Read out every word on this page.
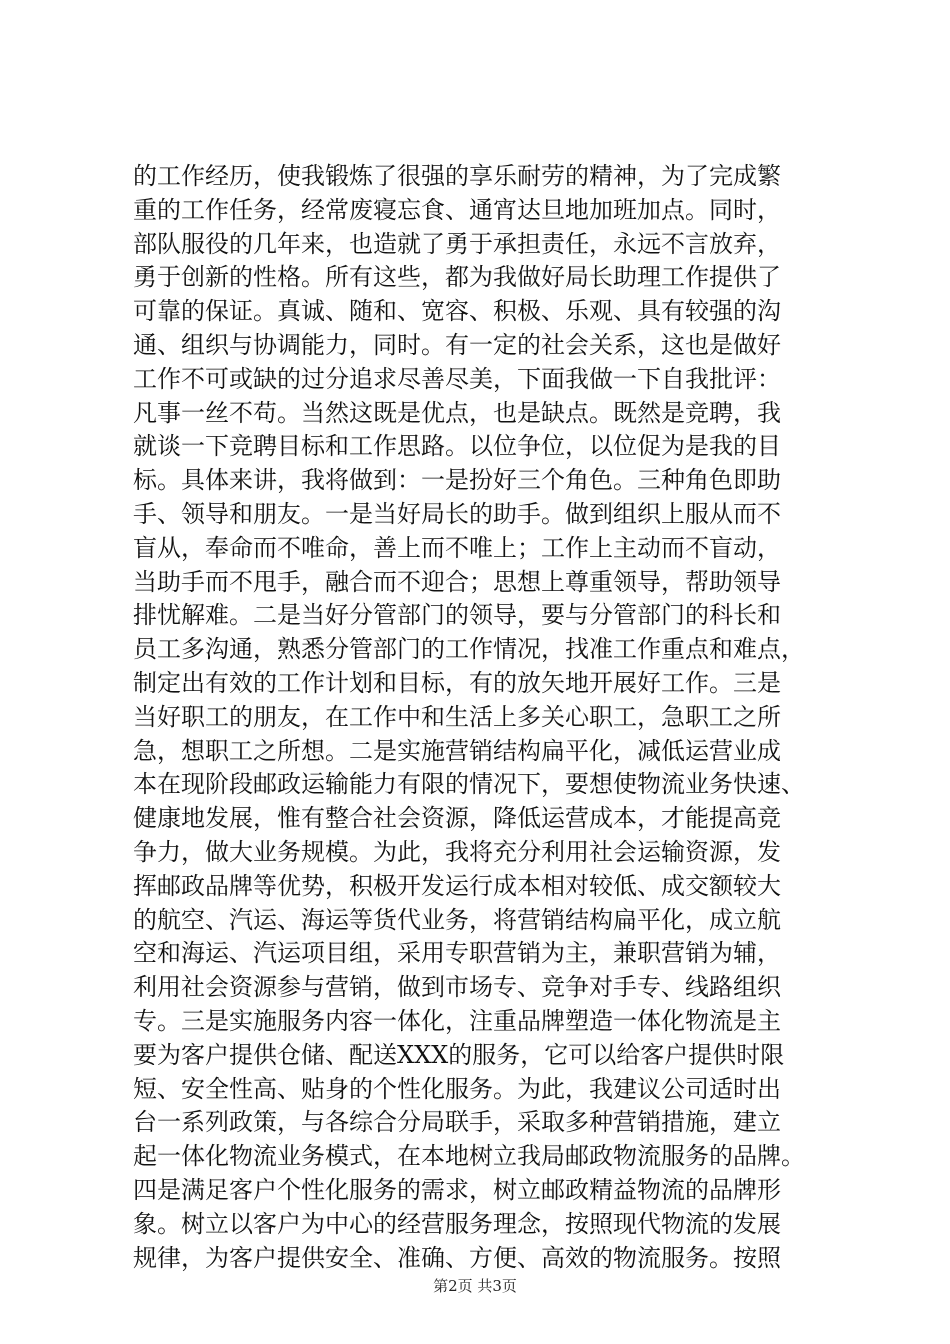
的工作经历，使我锻炼了很强的享乐耐劳的精神，为了完成繁
重的工作任务，经常废寝忘食、通宵达旦地加班加点。同时，
部队服役的几年来，也造就了勇于承担责任，永远不言放弃，
勇于创新的性格。所有这些，都为我做好局长助理工作提供了
可靠的保证。真诚、随和、宽容、积极、乐观、具有较强的沟
通、组织与协调能力，同时。有一定的社会关系，这也是做好
工作不可或缺的过分追求尽善尽美，下面我做一下自我批评：
凡事一丝不苟。当然这既是优点，也是缺点。既然是竞聘，我
就谈一下竞聘目标和工作思路。以位争位，以位促为是我的目
标。具体来讲，我将做到：一是扮好三个角色。三种角色即助
手、领导和朋友。一是当好局长的助手。做到组织上服从而不
盲从，奉命而不唯命，善上而不唯上；工作上主动而不盲动，
当助手而不甩手，融合而不迎合；思想上尊重领导，帮助领导
排忧解难。二是当好分管部门的领导，要与分管部门的科长和
员工多沟通，熟悉分管部门的工作情况，找准工作重点和难点，
制定出有效的工作计划和目标，有的放矢地开展好工作。三是
当好职工的朋友，在工作中和生活上多关心职工，急职工之所
急，想职工之所想。二是实施营销结构扁平化，减低运营业成
本在现阶段邮政运输能力有限的情况下，要想使物流业务快速、
健康地发展，惟有整合社会资源，降低运营成本，才能提高竞
争力，做大业务规模。为此，我将充分利用社会运输资源，发
挥邮政品牌等优势，积极开发运行成本相对较低、成交额较大
的航空、汽运、海运等货代业务，将营销结构扁平化，成立航
空和海运、汽运项目组，采用专职营销为主，兼职营销为辅，
利用社会资源参与营销，做到市场专、竞争对手专、线路组织
专。三是实施服务内容一体化，注重品牌塑造一体化物流是主
要为客户提供仓储、配送XXX的服务，它可以给客户提供时限
短、安全性高、贴身的个性化服务。为此，我建议公司适时出
台一系列政策，与各综合分局联手，采取多种营销措施，建立
起一体化物流业务模式，在本地树立我局邮政物流服务的品牌。
四是满足客户个性化服务的需求，树立邮政精益物流的品牌形
象。树立以客户为中心的经营服务理念，按照现代物流的发展
规律，为客户提供安全、准确、方便、高效的物流服务。按照
第2页 共3页
